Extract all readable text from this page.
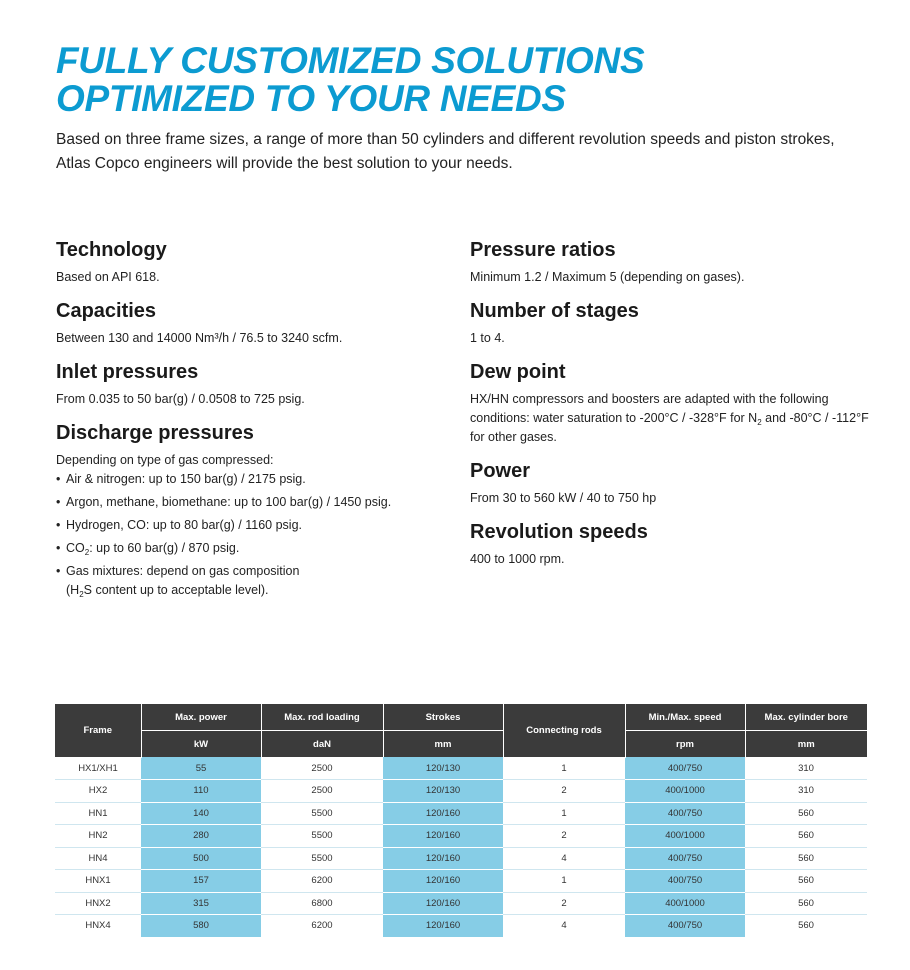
FULLY CUSTOMIZED SOLUTIONS
OPTIMIZED TO YOUR NEEDS

Based on three frame sizes, a range of more than 50 cylinders and different revolution speeds and piston strokes, Atlas Copco engineers will provide the best solution to your needs.

Technology

Based on API 618.

Capacities

Between 130 and 14000 Nm³/h / 76.5 to 3240 scfm.

Inlet pressures

From 0.035 to 50 bar(g) / 0.0508 to 725 psig.

Discharge pressures

Depending on type of gas compressed:

• Air & nitrogen: up to 150 bar(g) / 2175 psig.
• Argon, methane, biomethane: up to 100 bar(g) / 1450 psig.
• Hydrogen, CO: up to 80 bar(g) / 1160 psig.
• $CO_2$: up to 60 bar(g) / 870 psig.
• Gas mixtures: depend on gas composition
($H_2S$ content up to acceptable level).
Pressure ratios

Minimum 1.2 / Maximum 5 (depending on gases).

Number of stages

1 to 4.

Dew point

HX/HN compressors and boosters are adapted with the following conditions: water saturation to -200°C / -328°F for $N_2$ and -80°C / -112°F for other gases.

Power

From 30 to 560 kW / 40 to 750 hp

Revolution speeds

400 to 1000 rpm.

Frame	Max. power	Max. rod loading	Strokes	Connecting rods	Min./Max. speed	Max. cylinder bore
	kW	daN	mm		rpm	mm
HX1/XH1	55	2500	120/130	1	400/750	310
HX2	110	2500	120/130	2	400/1000	310
HN1	140	5500	120/160	1	400/750	560
HN2	280	5500	120/160	2	400/1000	560
HN4	500	5500	120/160	4	400/750	560
HNX1	157	6200	120/160	1	400/750	560
HNX2	315	6800	120/160	2	400/1000	560
HNX4	580	6200	120/160	4	400/750	560
